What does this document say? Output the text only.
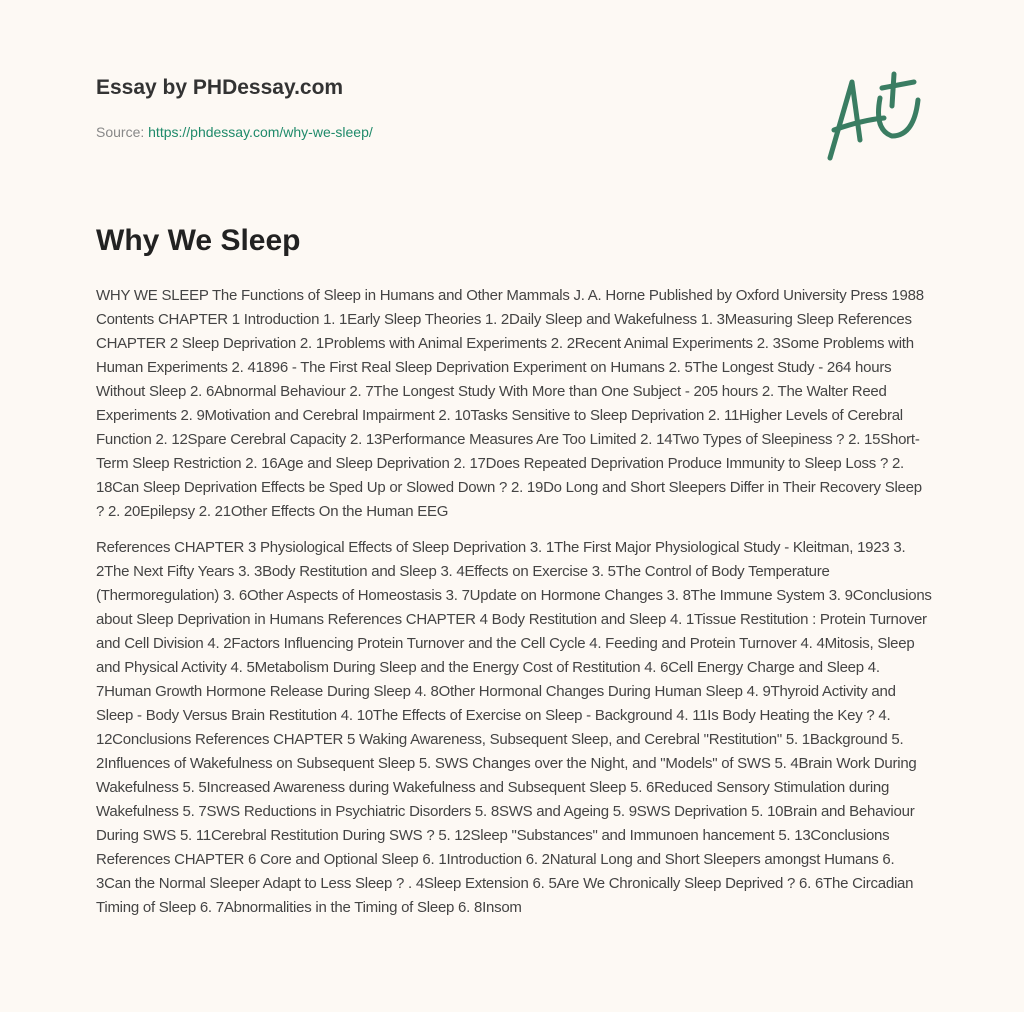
Essay by PHDessay.com

Source: https://phdessay.com/why-we-sleep/
Why We Sleep

WHY WE SLEEP The Functions of Sleep in Humans and Other Mammals J. A. Horne Published by Oxford University Press 1988 Contents CHAPTER 1 Introduction 1. 1Early Sleep Theories 1. 2Daily Sleep and Wakefulness 1. 3Measuring Sleep References CHAPTER 2 Sleep Deprivation 2. 1Problems with Animal Experiments 2. 2Recent Animal Experiments 2. 3Some Problems with Human Experiments 2. 41896 - The First Real Sleep Deprivation Experiment on Humans 2. 5The Longest Study - 264 hours Without Sleep 2. 6Abnormal Behaviour 2. 7The Longest Study With More than One Subject - 205 hours 2. The Walter Reed Experiments 2. 9Motivation and Cerebral Impairment 2. 10Tasks Sensitive to Sleep Deprivation 2. 11Higher Levels of Cerebral Function 2. 12Spare Cerebral Capacity 2. 13Performance Measures Are Too Limited 2. 14Two Types of Sleepiness ? 2. 15Short-Term Sleep Restriction 2. 16Age and Sleep Deprivation 2. 17Does Repeated Deprivation Produce Immunity to Sleep Loss ? 2. 18Can Sleep Deprivation Effects be Sped Up or Slowed Down ? 2. 19Do Long and Short Sleepers Differ in Their Recovery Sleep ? 2. 20Epilepsy 2. 21Other Effects On the Human EEG

References CHAPTER 3 Physiological Effects of Sleep Deprivation 3. 1The First Major Physiological Study - Kleitman, 1923 3. 2The Next Fifty Years 3. 3Body Restitution and Sleep 3. 4Effects on Exercise 3. 5The Control of Body Temperature (Thermoregulation) 3. 6Other Aspects of Homeostasis 3. 7Update on Hormone Changes 3. 8The Immune System 3. 9Conclusions about Sleep Deprivation in Humans References CHAPTER 4 Body Restitution and Sleep 4. 1Tissue Restitution : Protein Turnover and Cell Division 4. 2Factors Influencing Protein Turnover and the Cell Cycle 4. Feeding and Protein Turnover 4. 4Mitosis, Sleep and Physical Activity 4. 5Metabolism During Sleep and the Energy Cost of Restitution 4. 6Cell Energy Charge and Sleep 4. 7Human Growth Hormone Release During Sleep 4. 8Other Hormonal Changes During Human Sleep 4. 9Thyroid Activity and Sleep - Body Versus Brain Restitution 4. 10The Effects of Exercise on Sleep - Background 4. 11Is Body Heating the Key ? 4. 12Conclusions References CHAPTER 5 Waking Awareness, Subsequent Sleep, and Cerebral "Restitution" 5. 1Background 5. 2Influences of Wakefulness on Subsequent Sleep 5. SWS Changes over the Night, and "Models" of SWS 5. 4Brain Work During Wakefulness 5. 5Increased Awareness during Wakefulness and Subsequent Sleep 5. 6Reduced Sensory Stimulation during Wakefulness 5. 7SWS Reductions in Psychiatric Disorders 5. 8SWS and Ageing 5. 9SWS Deprivation 5. 10Brain and Behaviour During SWS 5. 11Cerebral Restitution During SWS ? 5. 12Sleep "Substances" and Immunoen hancement 5. 13Conclusions References CHAPTER 6 Core and Optional Sleep 6. 1Introduction 6. 2Natural Long and Short Sleepers amongst Humans 6. 3Can the Normal Sleeper Adapt to Less Sleep ? . 4Sleep Extension 6. 5Are We Chronically Sleep Deprived ? 6. 6The Circadian Timing of Sleep 6. 7Abnormalities in the Timing of Sleep 6. 8Insom
